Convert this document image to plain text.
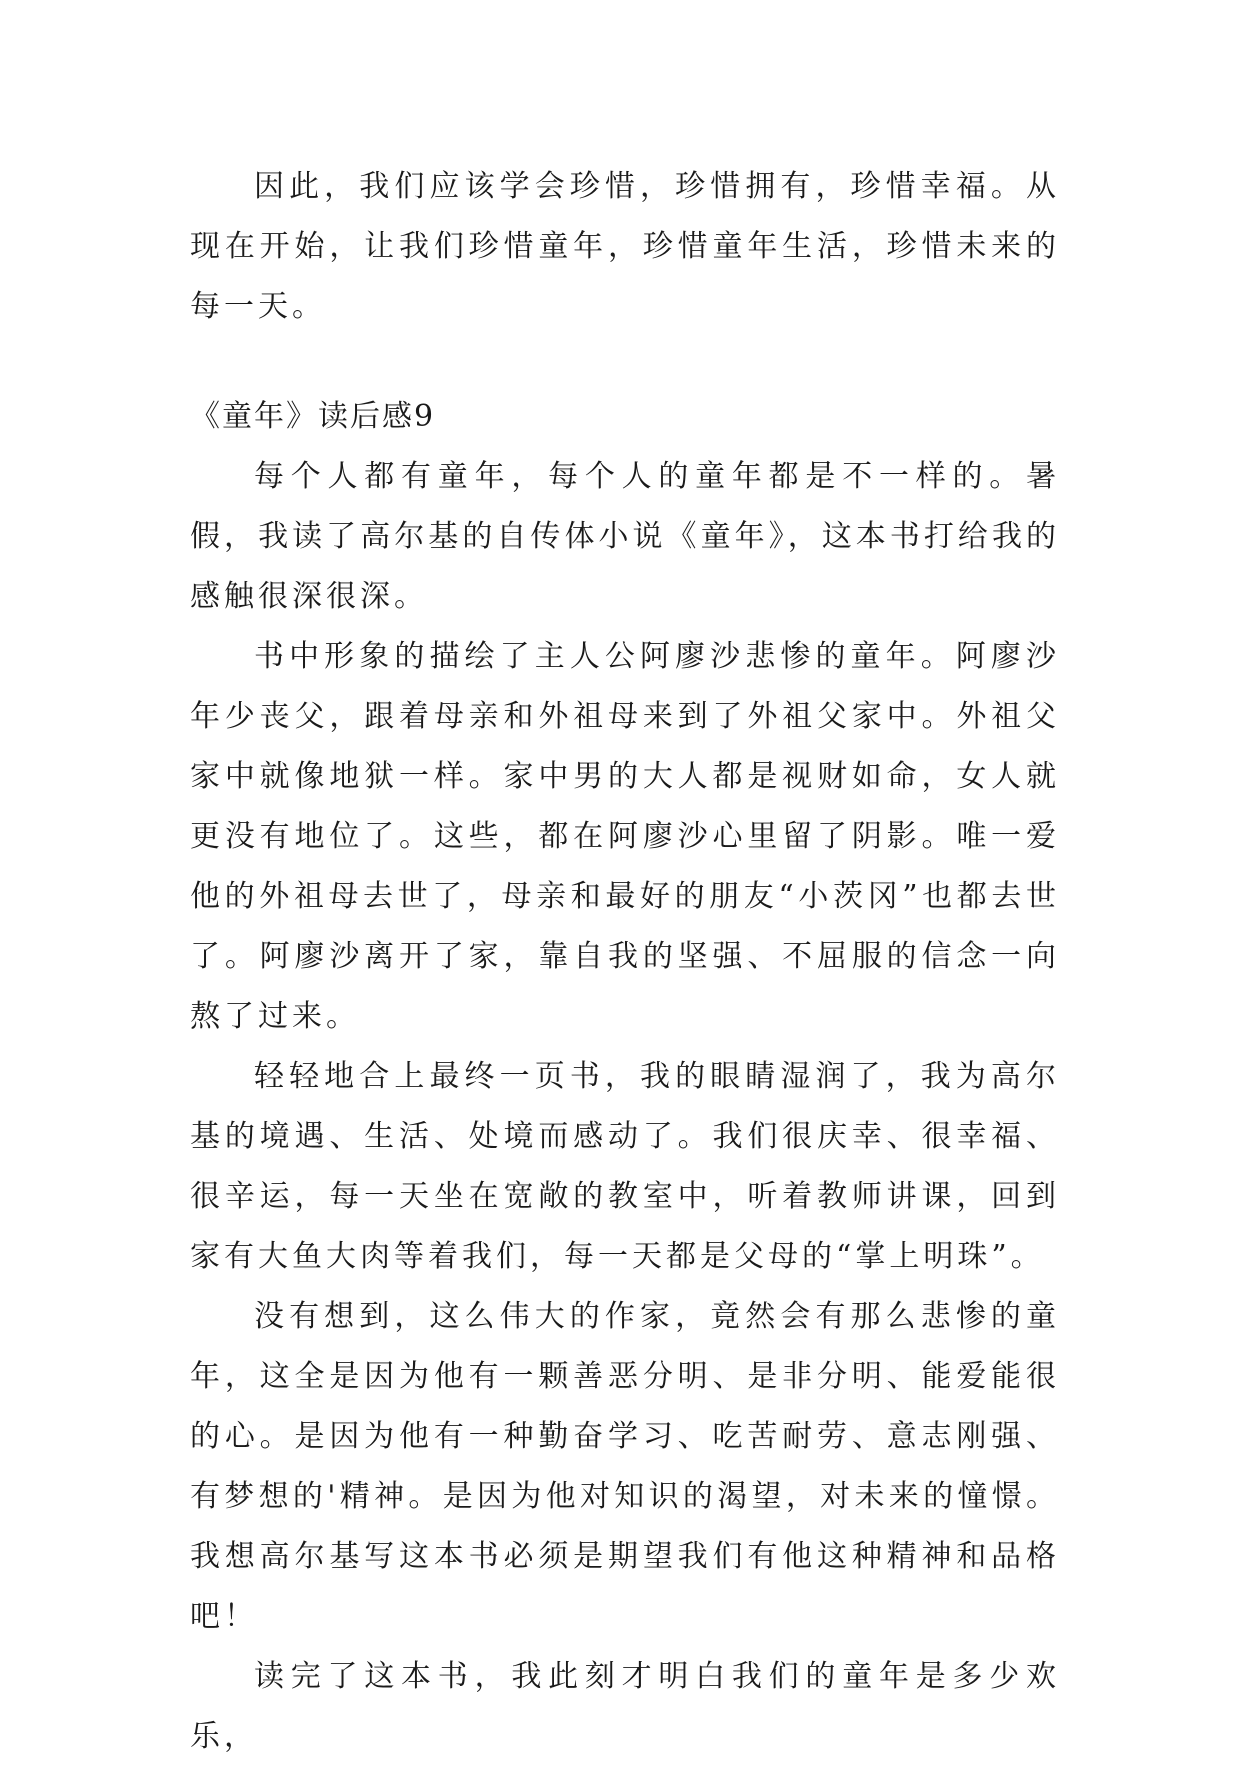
因此，我们应该学会珍惜，珍惜拥有，珍惜幸福。从现在开始，让我们珍惜童年，珍惜童年生活，珍惜未来的每一天。

《童年》读后感9

每个人都有童年，每个人的童年都是不一样的。暑假，我读了高尔基的自传体小说《童年》，这本书打给我的感触很深很深。

书中形象的描绘了主人公阿廖沙悲惨的童年。阿廖沙年少丧父，跟着母亲和外祖母来到了外祖父家中。外祖父家中就像地狱一样。家中男的大人都是视财如命，女人就更没有地位了。这些，都在阿廖沙心里留了阴影。唯一爱他的外祖母去世了，母亲和最好的朋友“小茨冈”也都去世了。阿廖沙离开了家，靠自我的坚强、不屈服的信念一向熬了过来。

轻轻地合上最终一页书，我的眼睛湿润了，我为高尔基的境遇、生活、处境而感动了。我们很庆幸、很幸福、很辛运，每一天坐在宽敞的教室中，听着教师讲课，回到家有大鱼大肉等着我们，每一天都是父母的“掌上明珠”。

没有想到，这么伟大的作家，竟然会有那么悲惨的童年，这全是因为他有一颗善恶分明、是非分明、能爱能很的心。是因为他有一种勤奋学习、吃苦耐劳、意志刚强、有梦想的'精神。是因为他对知识的渴望，对未来的憧憬。我想高尔基写这本书必须是期望我们有他这种精神和品格吧！

读完了这本书，我此刻才明白我们的童年是多少欢乐，
